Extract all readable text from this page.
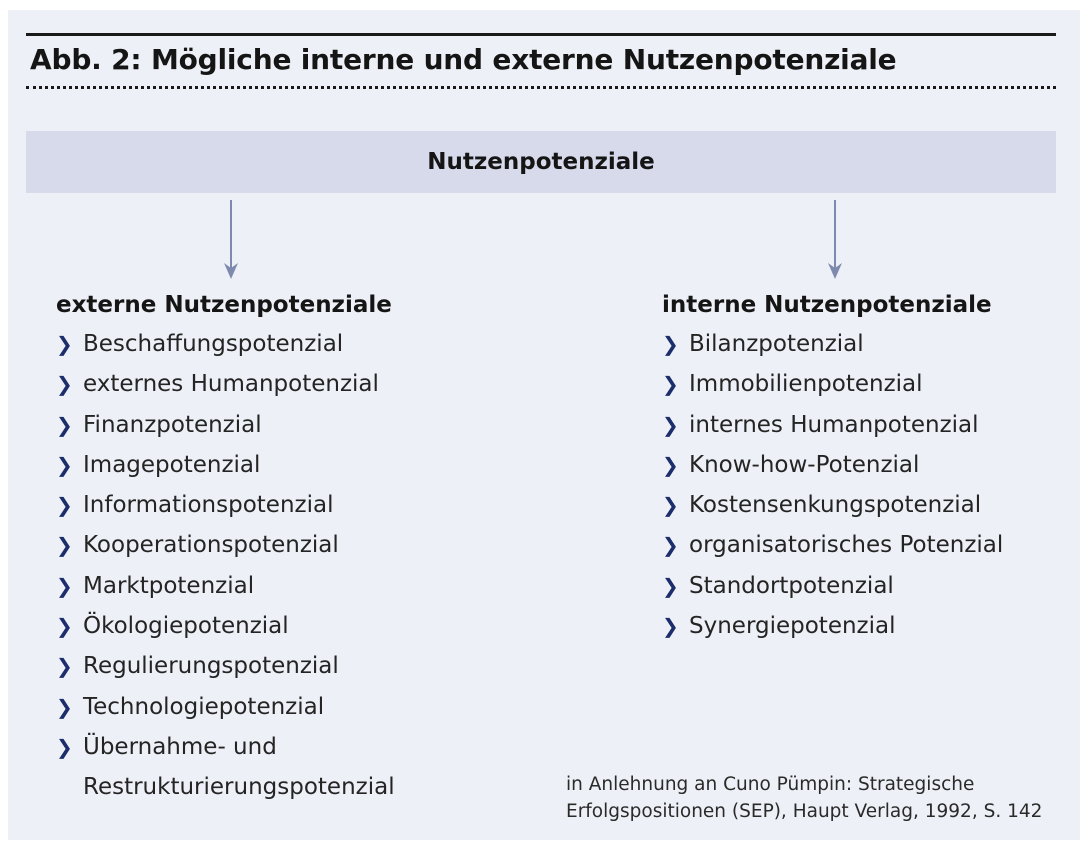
Abb. 2: Mögliche interne und externe Nutzenpotenziale
Nutzenpotenziale
externe Nutzenpotenziale
❯ Beschaffungspotenzial
❯ externes Humanpotenzial
❯ Finanzpotenzial
❯ Imagepotenzial
❯ Informationspotenzial
❯ Kooperationspotenzial
❯ Marktpotenzial
❯ Ökologiepotenzial
❯ Regulierungspotenzial
❯ Technologiepotenzial
❯ Übernahme- und
Restrukturierungspotenzial
interne Nutzenpotenziale
❯ Bilanzpotenzial
❯ Immobilienpotenzial
❯ internes Humanpotenzial
❯ Know-how-Potenzial
❯ Kostensenkungspotenzial
❯ organisatorisches Potenzial
❯ Standortpotenzial
❯ Synergiepotenzial
in Anlehnung an Cuno Pümpin: Strategische
Erfolgspositionen (SEP), Haupt Verlag, 1992, S. 142
